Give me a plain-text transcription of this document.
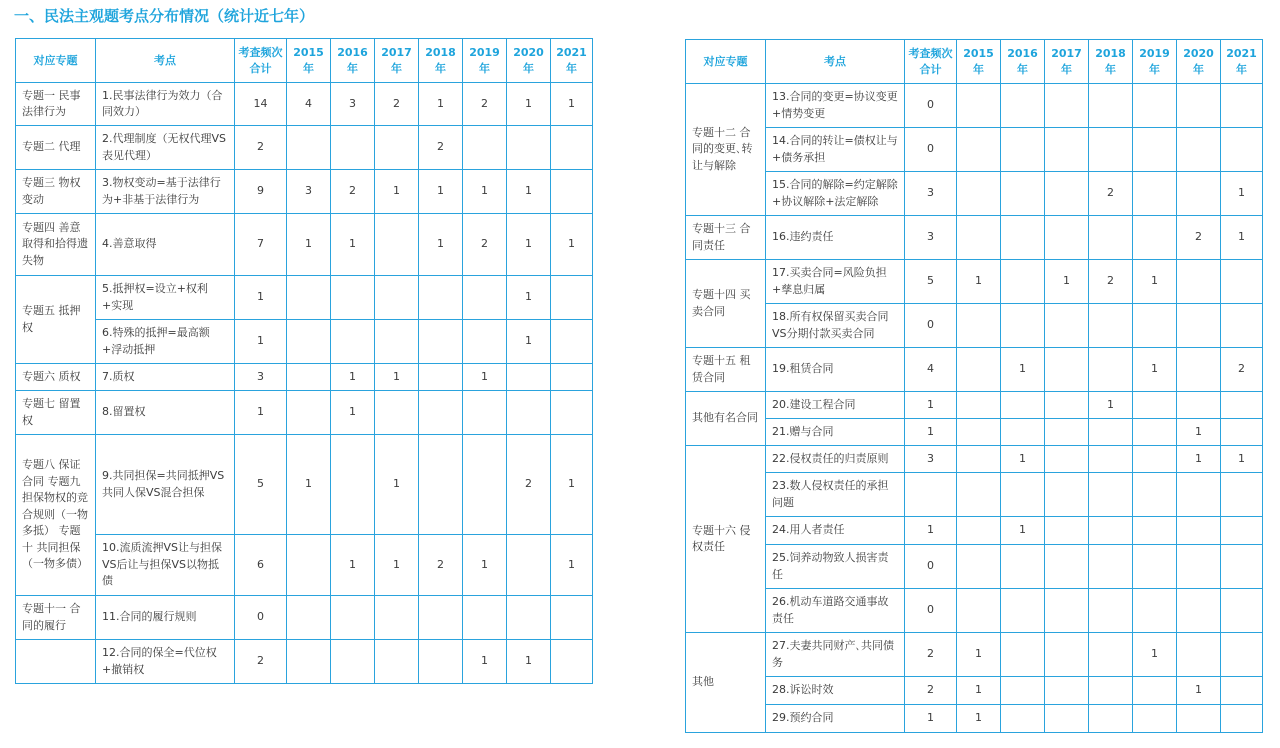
一、民法主观题考点分布情况（统计近七年）
对应专题	考点	考查频次合计	2015年	2016年	2017年	2018年	2019年	2020年	2021年
专题一 民事法律行为	1.民事法律行为效力（合同效力）	14	4	3	2	1	2	1	1
专题二 代理	2.代理制度（无权代理VS表见代理）	2				2			
专题三 物权变动	3.物权变动=基于法律行为+非基于法律行为	9	3	2	1	1	1	1	
专题四 善意取得和拾得遗失物	4.善意取得	7	1	1		1	2	1	1
专题五 抵押权	5.抵押权=设立+权利+实现	1						1	
	6.特殊的抵押=最高额+浮动抵押	1						1	
专题六 质权	7.质权	3		1	1		1		
专题七 留置权	8.留置权	1		1					
专题八 保证合同 专题九 担保物权的竞合规则（一物多抵） 专题十 共同担保（一物多债）	9.共同担保=共同抵押VS共同人保VS混合担保	5	1		1			2	1
	10.流质流押VS让与担保VS后让与担保VS以物抵债	6		1	1	2	1		1
专题十一 合同的履行	11.合同的履行规则	0							
	12.合同的保全=代位权+撤销权	2					1	1	
对应专题	考点	考查频次合计	2015年	2016年	2017年	2018年	2019年	2020年	2021年
专题十二 合同的变更､转让与解除	13.合同的变更=协议变更+情势变更	0							
	14.合同的转让=债权让与+债务承担	0							
	15.合同的解除=约定解除+协议解除+法定解除	3				2			1
专题十三 合同责任	16.违约责任	3						2	1
专题十四 买卖合同	17.买卖合同=风险负担+孳息归属	5	1		1	2	1		
	18.所有权保留买卖合同VS分期付款买卖合同	0							
专题十五 租赁合同	19.租赁合同	4		1			1		2
其他有名合同	20.建设工程合同	1				1			
	21.赠与合同	1						1	
专题十六 侵权责任	22.侵权责任的归责原则	3		1				1	1
	23.数人侵权责任的承担问题								
	24.用人者责任	1		1					
	25.饲养动物致人损害责任	0							
	26.机动车道路交通事故责任	0							
其他	27.夫妻共同财产､共同债务	2	1				1		
	28.诉讼时效	2	1					1	
	29.预约合同	1	1						
